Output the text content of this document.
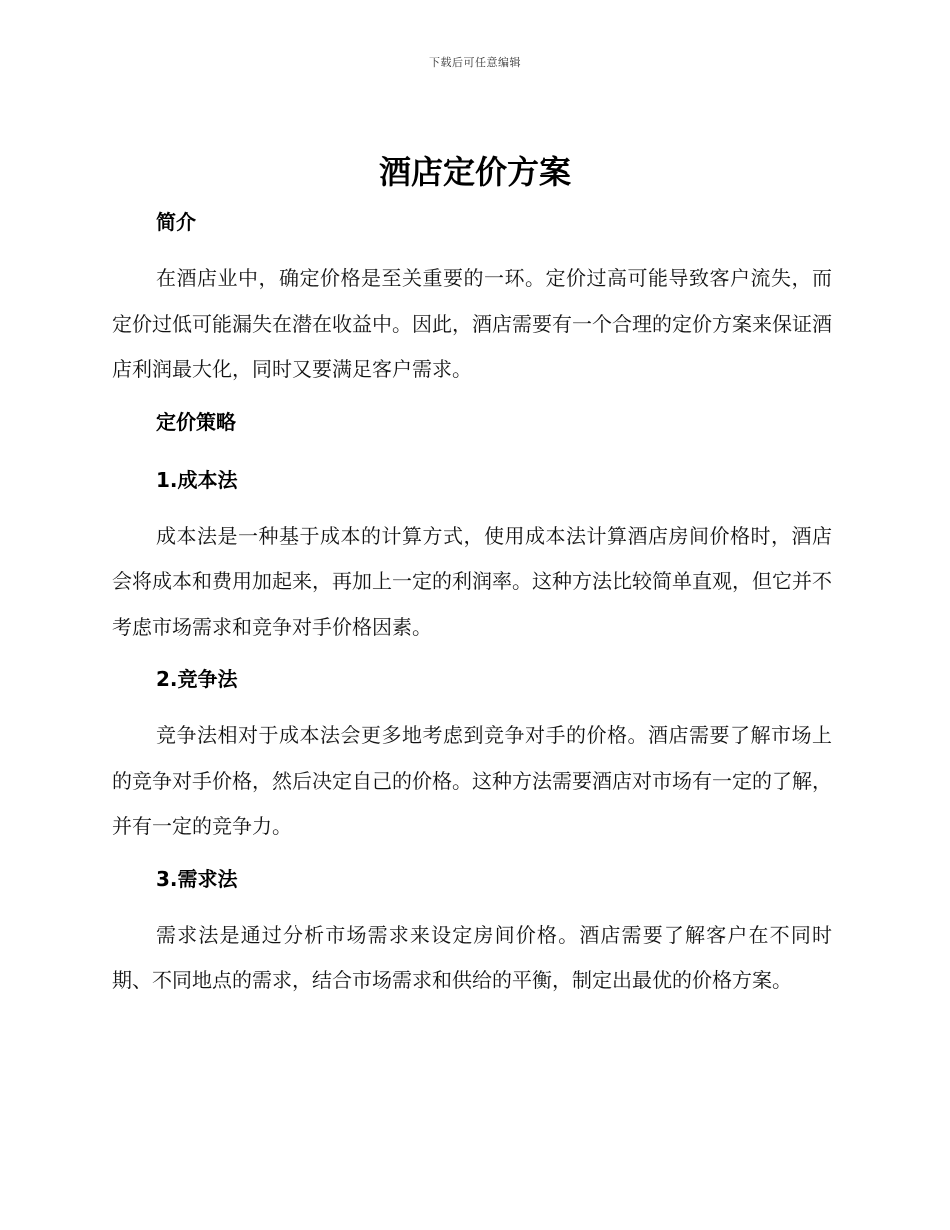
下载后可任意编辑
酒店定价方案
简介

在酒店业中，确定价格是至关重要的一环。定价过高可能导致客户流失，而定价过低可能漏失在潜在收益中。因此，酒店需要有一个合理的定价方案来保证酒店利润最大化，同时又要满足客户需求。

定价策略
1.成本法

成本法是一种基于成本的计算方式，使用成本法计算酒店房间价格时，酒店会将成本和费用加起来，再加上一定的利润率。这种方法比较简单直观，但它并不考虑市场需求和竞争对手价格因素。

2.竞争法

竞争法相对于成本法会更多地考虑到竞争对手的价格。酒店需要了解市场上的竞争对手价格，然后决定自己的价格。这种方法需要酒店对市场有一定的了解，并有一定的竞争力。

3.需求法

需求法是通过分析市场需求来设定房间价格。酒店需要了解客户在不同时期、不同地点的需求，结合市场需求和供给的平衡，制定出最优的价格方案。
